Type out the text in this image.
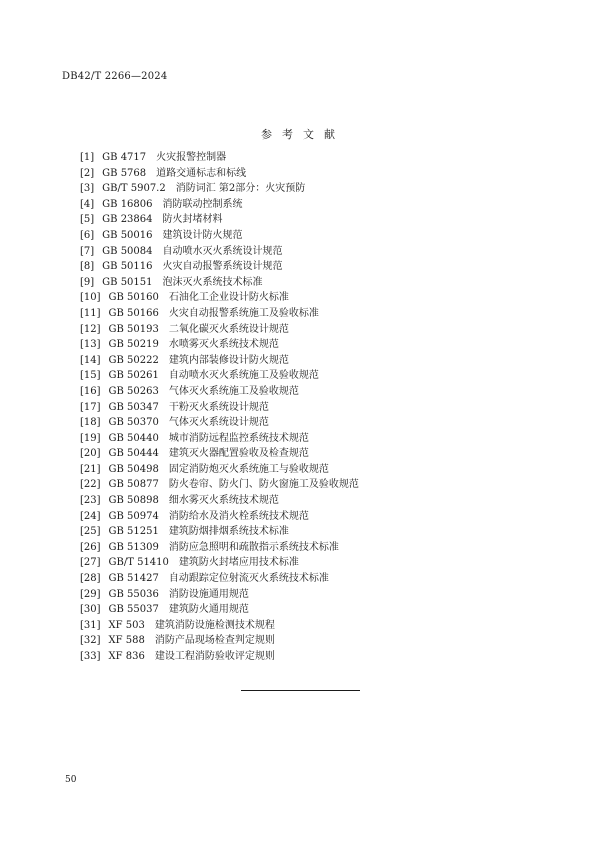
DB42/T 2266—2024
参考文献
[1] GB 4717 火灾报警控制器
[2] GB 5768 道路交通标志和标线
[3] GB/T 5907.2 消防词汇 第2部分：火灾预防
[4] GB 16806 消防联动控制系统
[5] GB 23864 防火封堵材料
[6] GB 50016 建筑设计防火规范
[7] GB 50084 自动喷水灭火系统设计规范
[8] GB 50116 火灾自动报警系统设计规范
[9] GB 50151 泡沫灭火系统技术标准
[10] GB 50160 石油化工企业设计防火标准
[11] GB 50166 火灾自动报警系统施工及验收标准
[12] GB 50193 二氧化碳灭火系统设计规范
[13] GB 50219 水喷雾灭火系统技术规范
[14] GB 50222 建筑内部装修设计防火规范
[15] GB 50261 自动喷水灭火系统施工及验收规范
[16] GB 50263 气体灭火系统施工及验收规范
[17] GB 50347 干粉灭火系统设计规范
[18] GB 50370 气体灭火系统设计规范
[19] GB 50440 城市消防远程监控系统技术规范
[20] GB 50444 建筑灭火器配置验收及检查规范
[21] GB 50498 固定消防炮灭火系统施工与验收规范
[22] GB 50877 防火卷帘、防火门、防火窗施工及验收规范
[23] GB 50898 细水雾灭火系统技术规范
[24] GB 50974 消防给水及消火栓系统技术规范
[25] GB 51251 建筑防烟排烟系统技术标准
[26] GB 51309 消防应急照明和疏散指示系统技术标准
[27] GB/T 51410 建筑防火封堵应用技术标准
[28] GB 51427 自动跟踪定位射流灭火系统技术标准
[29] GB 55036 消防设施通用规范
[30] GB 55037 建筑防火通用规范
[31] XF 503 建筑消防设施检测技术规程
[32] XF 588 消防产品现场检查判定规则
[33] XF 836 建设工程消防验收评定规则
50
